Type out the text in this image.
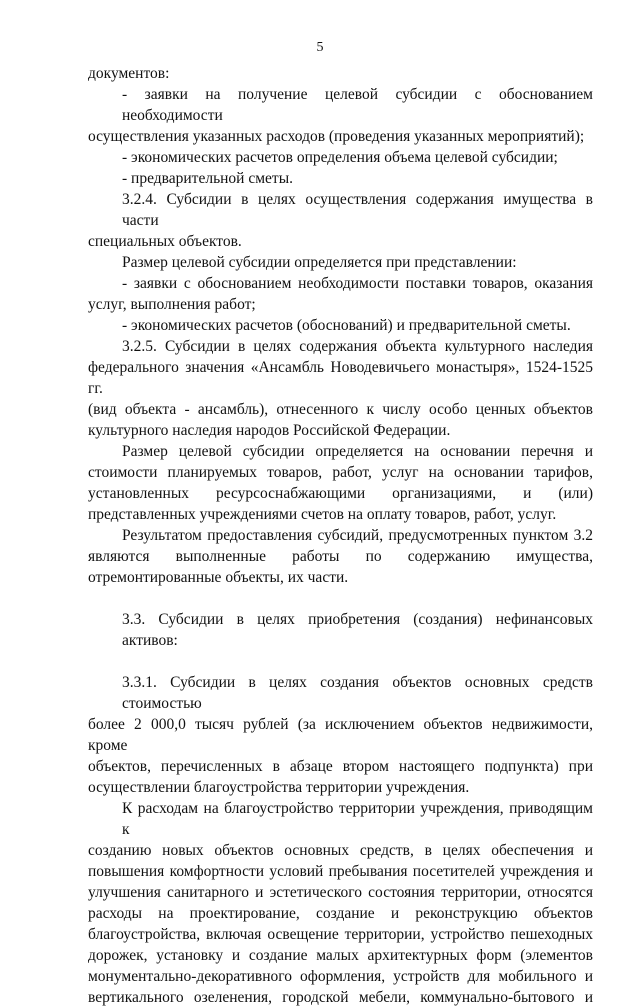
5

документов:

- заявки на получение целевой субсидии с обоснованием необходимости

осуществления указанных расходов (проведения указанных мероприятий);

- экономических расчетов определения объема целевой субсидии;

- предварительной сметы.

3.2.4. Субсидии в целях осуществления содержания имущества в части

специальных объектов.

Размер целевой субсидии определяется при представлении:

- заявки с обоснованием необходимости поставки товаров, оказания

услуг, выполнения работ;

- экономических расчетов (обоснований) и предварительной сметы.

3.2.5. Субсидии в целях содержания объекта культурного наследия

федерального значения «Ансамбль Новодевичьего монастыря», 1524-1525 гг.

(вид объекта - ансамбль), отнесенного к числу особо ценных объектов

культурного наследия народов Российской Федерации.

Размер целевой субсидии определяется на основании перечня и

стоимости планируемых товаров, работ, услуг на основании тарифов,

установленных ресурсоснабжающими организациями, и (или)

представленных учреждениями счетов на оплату товаров, работ, услуг.

Результатом предоставления субсидий, предусмотренных пунктом 3.2

являются выполненные работы по содержанию имущества,

отремонтированные объекты, их части.

3.3. Субсидии в целях приобретения (создания) нефинансовых активов:

3.3.1. Субсидии в целях создания объектов основных средств стоимостью

более 2 000,0 тысяч рублей (за исключением объектов недвижимости, кроме

объектов, перечисленных в абзаце втором настоящего подпункта) при

осуществлении благоустройства территории учреждения.

К расходам на благоустройство территории учреждения, приводящим к

созданию новых объектов основных средств, в целях обеспечения и

повышения комфортности условий пребывания посетителей учреждения и

улучшения санитарного и эстетического состояния территории, относятся

расходы на проектирование, создание и реконструкцию объектов

благоустройства, включая освещение территории, устройство пешеходных

дорожек, установку и создание малых архитектурных форм (элементов

монументально-декоративного оформления, устройств для мобильного и

вертикального озеленения, городской мебели, коммунально-бытового и
